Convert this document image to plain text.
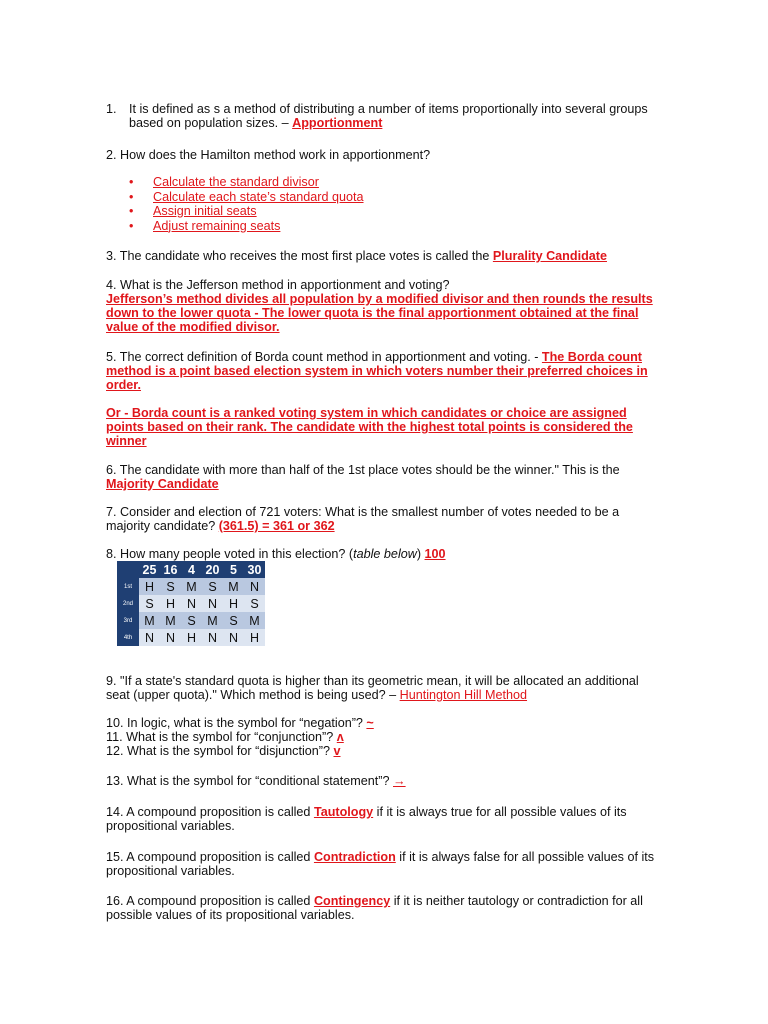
1. It is defined as s a method of distributing a number of items proportionally into several groups based on population sizes. – Apportionment
2. How does the Hamilton method work in apportionment?
• Calculate the standard divisor
• Calculate each state’s standard quota
• Assign initial seats
• Adjust remaining seats
3. The candidate who receives the most first place votes is called the Plurality Candidate
4. What is the Jefferson method in apportionment and voting?
Jefferson’s method divides all population by a modified divisor and then rounds the results down to the lower quota - The lower quota is the final apportionment obtained at the final value of the modified divisor.
5. The correct definition of Borda count method in apportionment and voting. - The Borda count method is a point based election system in which voters number their preferred choices in order.
Or - Borda count is a ranked voting system in which candidates or choice are assigned points based on their rank. The candidate with the highest total points is considered the winner
6. The candidate with more than half of the 1st place votes should be the winner." This is the Majority Candidate
7. Consider and election of 721 voters: What is the smallest number of votes needed to be a majority candidate? (361.5) = 361 or 362
8. How many people voted in this election? (table below) 100
	25	16	4	20	5	30
1st	H	S	M	S	M	N
2nd	S	H	N	N	H	S
3rd	M	M	S	M	S	M
4th	N	N	H	N	N	H
9. "If a state's standard quota is higher than its geometric mean, it will be allocated an additional seat (upper quota)." Which method is being used? – Huntington Hill Method
10. In logic, what is the symbol for “negation”? ~
11. What is the symbol for “conjunction”? ʌ
12. What is the symbol for “disjunction”? v
13. What is the symbol for “conditional statement”? →
14. A compound proposition is called Tautology if it is always true for all possible values of its propositional variables.
15. A compound proposition is called Contradiction if it is always false for all possible values of its propositional variables.
16. A compound proposition is called Contingency if it is neither tautology or contradiction for all possible values of its propositional variables.
